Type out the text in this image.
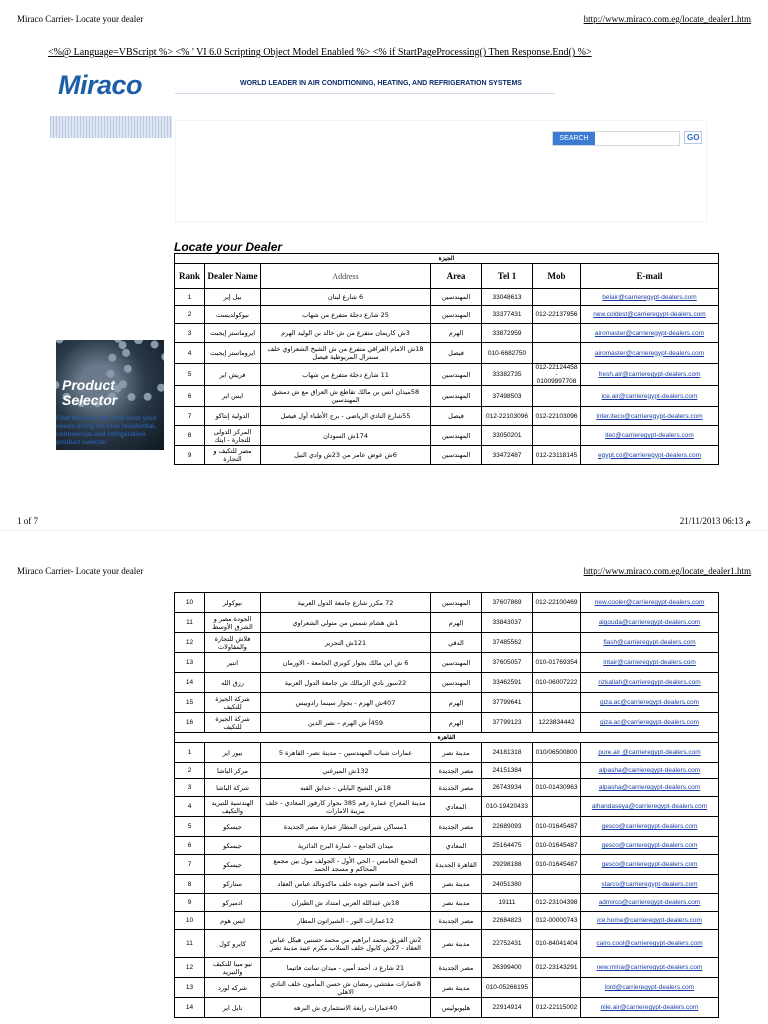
Miraco Carrier- Locate your dealer	http://www.miraco.com.eg/locate_dealer1.htm
<%@ Language=VBScript %> <% ' VI 6.0 Scripting Object Model Enabled %> <% if StartPageProcessing() Then Response.End() %>
Miraco	WORLD LEADER IN AIR CONDITIONING, HEATING, AND REFRIGERATION SYSTEMS
SEARCH	GO
Locate your Dealer
Product
Selector
Find the best unit that suits your needs using On Line residential, commercial and refrigeration product selector
الجيزة						
Rank	Dealer Name	Address	Area	Tel 1	Mob	E-mail
1	بيل إير	6 شارع لبنان	المهندسين	33048613		belair@carrieregypt-dealers.com
2	نيوكولديست	25 شارع دجلة متفرع من شهاب	المهندسين	33377431	012-22137956	new.coldest@carrieregypt-dealers.com
3	ايروماستر إيجبت	3ش كاريمان متفرع من ش خالد بن الوليد الهرم	الهرم	33872959		airomaster@carrieregypt-dealers.com
4	ايروماستر إيجبت	18ش الامام العراقي متفرع من ش الشيخ الشعراوي خلف سنترال المريوطية فيصل	فيصل	010-6682750		airomaster@carrieregypt-dealers.com
5	فريش اير	11 شارع دجلة متفرع من شهاب	المهندسين	33382735	012-22124458 - 01009997708	fresh.air@carrieregypt-dealers.com
6	ايس اير	58ميدان انس بن مالك تقاطع ش العراق مع ش دمشق المهندسين	المهندسين	37498503		ice.air@carrieregypt-dealers.com
7	الدولية إنتاكو	55شارع النادي الرياضي - برج الأطباء أول فيصل	فيصل	012-22103096	012-22103096	inter.iteco@carrieregypt-dealers.com
8	المركز الدولى للتجارة - ايتك	174ش السودان	المهندسين	33050201		itec@carrieregypt-dealers.com
9	مصر للتكيف و التجارة	6ش عوض عامر من 23ش وادي النيل	المهندسين	33472487	012-23118145	egypt.co@carrieregypt-dealers.com
1 of 7	21/11/2013 06:13 م
Miraco Carrier- Locate your dealer	http://www.miraco.com.eg/locate_dealer1.htm
10	نيوكولر	72 مكرر شارع جامعة الدول العربية	المهندسين	37607869	012-22100469	new.cooler@carrieregypt-dealers.com
11	الجودة مصر و الشرق الأوسط	1ش هشام شمس من متولي الشعراوي	الهرم	33843037		algouda@carrieregypt-dealers.com
12	فلاش للتجارة والمقاولات	121ش التحرير	الدقي	37485562		flash@carrieregypt-dealers.com
13	انتير	6 ش ابن مالك بجوار كوبري الجامعة - الاورمان	المهندسين	37605057	010-01769354	intair@carrieregypt-dealers.com
14	رزق الله	22سور نادي الزمالك ش جامعة الدول العربية	المهندسين	33462591	010-06007222	rizkallah@carrieregypt-dealers.com
15	شركة الجيزة للتكيف	407ش الهرم - بجوار سينما رادوبيس	الهرم	37799641		giza.ac@carrieregypt-dealers.com
16	شركة الجيزة للتكيف	459أ ش الهرم – نصر الدين	الهرم	37799123	1223834442	giza.ac@carrieregypt-dealers.com
القاهرة						
1	بيور اير	عمارات شباب المهندسين – مدينة نصر- القاهرة 5	مدينة نصر	24181318	010/06500800	pure.air @carrieregypt-dealers.com
2	مركز الباشا	132ش الميرغني	مصر الجديدة	24151384		alpasha@carrieregypt-dealers.com
3	شركة الباشا	18ش الشيخ البابلي - حدايق القبه	مصر الجديدة	26743934	010-01430963	alpasha@carrieregypt-dealers.com
4	الهندسية للتبريد والتكيف	مدينة المعراج عمارة رقم 385 بجوار كارفور المعادي - خلف بنزينة الامارات	المعادي	010-19420433		alhandaseya@carrieregypt-dealers.com
5	جيسكو	1مساكن شيراتون المطار عمارة مصر الجديدة	مصر الجديدة	22689093	010-01645487	gesco@carrieregypt-dealers.com
6	جيسكو	ميدان الجامع – عمارة البرج الدائرية	المعادي	25164475	010-01645487	gesco@carrieregypt-dealers.com
7	جيسكو	التجمع الخامس - الحي الأول - الجولف مول بين مجمع المحاكم و مسجد الحمد	القاهرة الجديدة	29298188	010-01645487	gesco@carrieregypt-dealers.com
8	ستاركو	6ش احمد قاسم جوده خلف ماكدونالد عباس العقاد	مدينة نصر	24051380		starco@carrieregypt-dealers.com
9	ادميركو	18ش عبدالله العربي امتداد ش الطيران	مدينة نصر	19111	012-23104398	admirco@carrieregypt-dealers.com
10	ايس هوم	12عمارات النور - الشيراتون المطار	مصر الجديدة	22684823	012-00000743	ice.home@carrieregypt-dealers.com
11	كايرو كول	2ش الفريق محمد ابراهيم من محمد حسنين هيكل عباس العقاد - 27ش كابول خلف السلاب مكرم عبيد مدينة نصر	مدينة نصر	22752431	010-84041404	cairo.cool@carrieregypt-dealers.com
12	نيو مينا للتكيف والتبريد	21 شارع د. أحمد أمين - ميدان سانت فاتيما	مصر الجديدة	26399400	012-23143291	new.mina@carrieregypt-dealers.com
13	شركه لورد	8عمارات مفتشي رمضان ش حسن المأمون خلف النادي الاهلي	مدينة نصر	010-05266195		lord@carrieregypt-dealers.com
14	نايل اير	40عمارات رابعة الاستثماري ش البرهه	هليوبوليس	22914914	012-22115002	nile.air@carrieregypt-dealers.com
